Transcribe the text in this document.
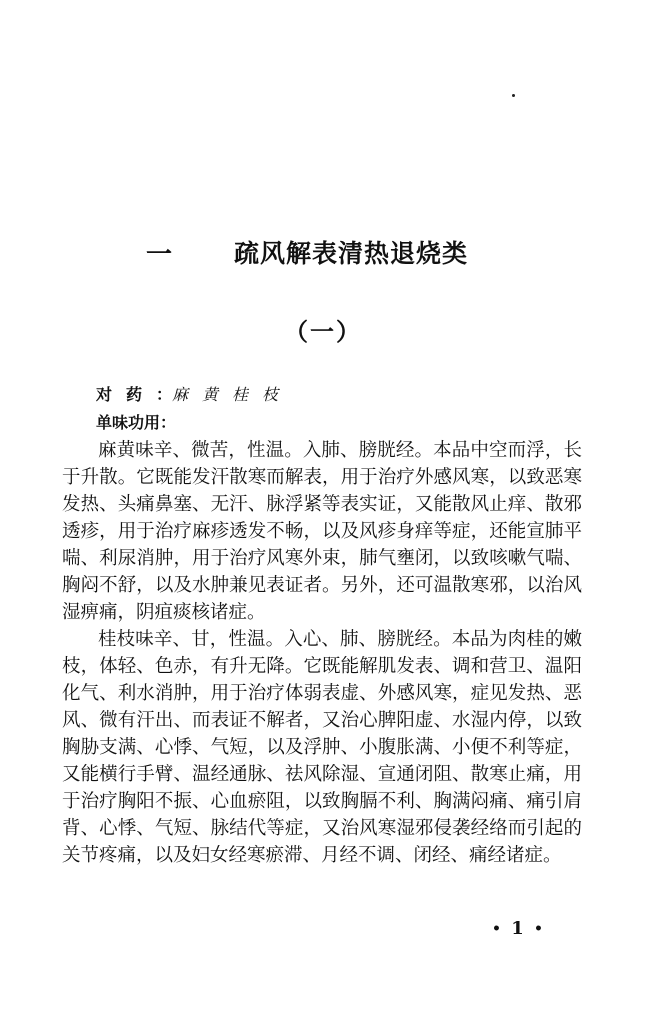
一 疏风解表清热退烧类
（一）
对药：麻黄桂枝
单味功用：
麻黄味辛、微苦，性温。入肺、膀胱经。本品中空而浮，长
于升散。它既能发汗散寒而解表，用于治疗外感风寒，以致恶寒
发热、头痛鼻塞、无汗、脉浮紧等表实证，又能散风止痒、散邪
透疹，用于治疗麻疹透发不畅，以及风疹身痒等症，还能宣肺平
喘、利尿消肿，用于治疗风寒外束，肺气壅闭，以致咳嗽气喘、
胸闷不舒，以及水肿兼见表证者。另外，还可温散寒邪，以治风
湿痹痛，阴疽痰核诸症。
桂枝味辛、甘，性温。入心、肺、膀胱经。本品为肉桂的嫩
枝，体轻、色赤，有升无降。它既能解肌发表、调和营卫、温阳
化气、利水消肿，用于治疗体弱表虚、外感风寒，症见发热、恶
风、微有汗出、而表证不解者，又治心脾阳虚、水湿内停，以致
胸胁支满、心悸、气短，以及浮肿、小腹胀满、小便不利等症，
又能横行手臂、温经通脉、祛风除湿、宣通闭阻、散寒止痛，用
于治疗胸阳不振、心血瘀阻，以致胸膈不利、胸满闷痛、痛引肩
背、心悸、气短、脉结代等症，又治风寒湿邪侵袭经络而引起的
关节疼痛，以及妇女经寒瘀滞、月经不调、闭经、痛经诸症。
• 1 •
